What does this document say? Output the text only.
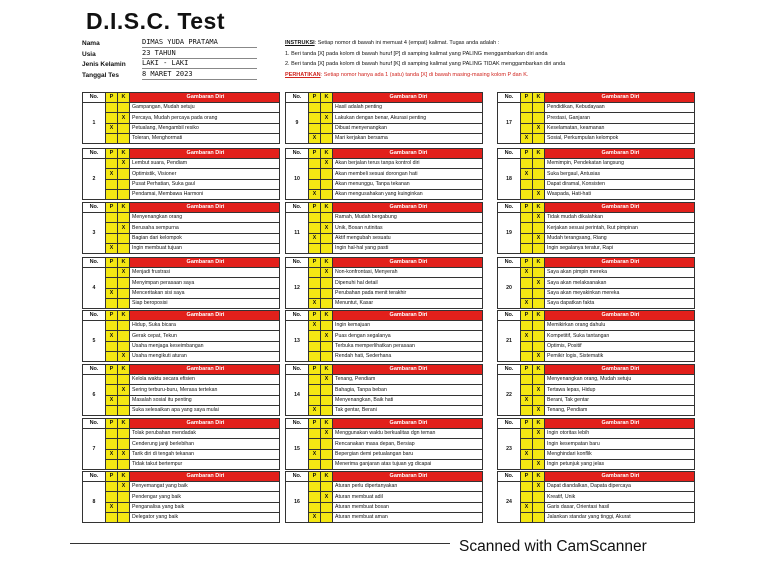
D.I.S.C. Test
Nama	DIMAS YUDA PRATAMA
Usia	23 TAHUN
Jenis Kelamin LAKI - LAKI
Tanggal Tes	8 MARET 2023
INSTRUKSI: Setiap nomor di bawah ini memuat 4 (empat) kalimat. Tugas anda adalah :
1. Beri tanda [X] pada kolom di bawah huruf [P] di samping kalimat yang PALING menggambarkan diri anda
2. Beri tanda [X] pada kolom di bawah huruf [K] di samping kalimat yang PALING TIDAK menggambarkan diri anda
PERHATIKAN: Setiap nomor hanya ada 1 (satu) tanda [X] di bawah masing-masing kolom P dan K.
No.	P	K	Gambaran Diri
1			Gampangan, Mudah setuju
		X	Percaya, Mudah percaya pada orang
	X		Petualang, Mengambil resiko
			Toleran, Menghormati
No.	P	K	Gambaran Diri
2		X	Lembut suara, Pendiam
	X		Optimistik, Visioner
			Pusat Perhatian, Suka gaul
			Pendamai, Membawa Harmoni
No.	P	K	Gambaran Diri
3			Menyenangkan orang
		X	Berusaha sempurna
			Bagian dari kelompok
	X		Ingin membuat tujuan
No.	P	K	Gambaran Diri
4		X	Menjadi frustrasi
			Menyimpan perasaan saya
	X		Menceritakan sisi saya
			Siap beroposisi
No.	P	K	Gambaran Diri
5			Hidup, Suka bicara
	X		Gerak cepat, Tekun
			Usaha menjaga keseimbangan
		X	Usaha mengikuti aturan
No.	P	K	Gambaran Diri
6			Kelola waktu secara efisien
		X	Sering terburu-buru, Merasa tertekan
	X		Masalah sosial itu penting
			Suka selesaikan apa yang saya mulai
No.	P	K	Gambaran Diri
7			Tolak perubahan mendadak
			Cenderung janji berlebihan
	X	X	Tarik diri di tengah tekanan
			Tidak takut bertempur
No.	P	K	Gambaran Diri
8		X	Penyemangat yang baik
			Pendengar yang baik
	X		Penganalisa yang baik
			Delegator yang baik
No.	P	K	Gambaran Diri
9			Hasil adalah penting
		X	Lakukan dengan benar, Akurasi penting
			Dibuat menyenangkan
	X		Mari kerjakan bersama
No.	P	K	Gambaran Diri
10		X	Akan berjalan terus tanpa kontrol diri
			Akan membeli sesuai dorongan hati
			Akan menunggu, Tanpa tekanan
	X		Akan mengusahakan yang kuinginkan
No.	P	K	Gambaran Diri
11			Ramah, Mudah bergabung
		X	Unik, Bosan rutinitas
	X		Aktif mengubah sesuatu
			Ingin hal-hal yang pasti
No.	P	K	Gambaran Diri
12		X	Non-konfrontasi, Menyerah
			Dipenuhi hal detail
			Perubahan pada menit terakhir
	X		Menuntut, Kasar
No.	P	K	Gambaran Diri
13	X		Ingin kemajuan
		X	Puas dengan segalanya
			Terbuka memperlihatkan perasaan
			Rendah hati, Sederhana
No.	P	K	Gambaran Diri
14		X	Tenang, Pendiam
			Bahagia, Tanpa beban
			Menyenangkan, Baik hati
	X		Tak gentar, Berani
No.	P	K	Gambaran Diri
15		X	Menggunakan waktu berkualitas dgn teman
			Rencanakan masa depan, Bersiap
	X		Bepergian demi petualangan baru
			Menerima ganjaran atas tujuan yg dicapai
No.	P	K	Gambaran Diri
16			Aturan perlu dipertanyakan
		X	Aturan membuat adil
			Aturan membuat bosan
	X		Aturan membuat aman
No.	P	K	Gambaran Diri
17			Pendidikan, Kebudayaan
			Prestasi, Ganjaran
		X	Keselamatan, keamanan
	X		Sosial, Perkumpulan kelompok
No.	P	K	Gambaran Diri
18			Memimpin, Pendekatan langsung
	X		Suka bergaul, Antusias
			Dapat diramal, Konsisten
		X	Waspada, Hati-hati
No.	P	K	Gambaran Diri
19		X	Tidak mudah dikalahkan
			Kerjakan sesuai perintah, Ikut pimpinan
		X	Mudah terangsang, Riang
			Ingin segalanya teratur, Rapi
No.	P	K	Gambaran Diri
20	X		Saya akan pimpin mereka
		X	Saya akan melaksanakan
			Saya akan meyakinkan mereka
	X		Saya dapatkan fakta
No.	P	K	Gambaran Diri
21			Memikirkan orang dahulu
	X		Kompetitif, Suka tantangan
			Optimis, Positif
		X	Pemikir logis, Sistematik
No.	P	K	Gambaran Diri
22			Menyenangkan orang, Mudah setuju
		X	Tertawa lepas, Hidup
	X		Berani, Tak gentar
		X	Tenang, Pendiam
No.	P	K	Gambaran Diri
23		X	Ingin otoritas lebih
			Ingin kesempatan baru
	X		Menghindari konflik
		X	Ingin petunjuk yang jelas
No.	P	K	Gambaran Diri
24		X	Dapat diandalkan, Dapata dipercaya
			Kreatif, Unik
	X		Garis dasar, Orientasi hasil
			Jalankan standar yang tinggi, Akurat
Scanned with CamScanner
